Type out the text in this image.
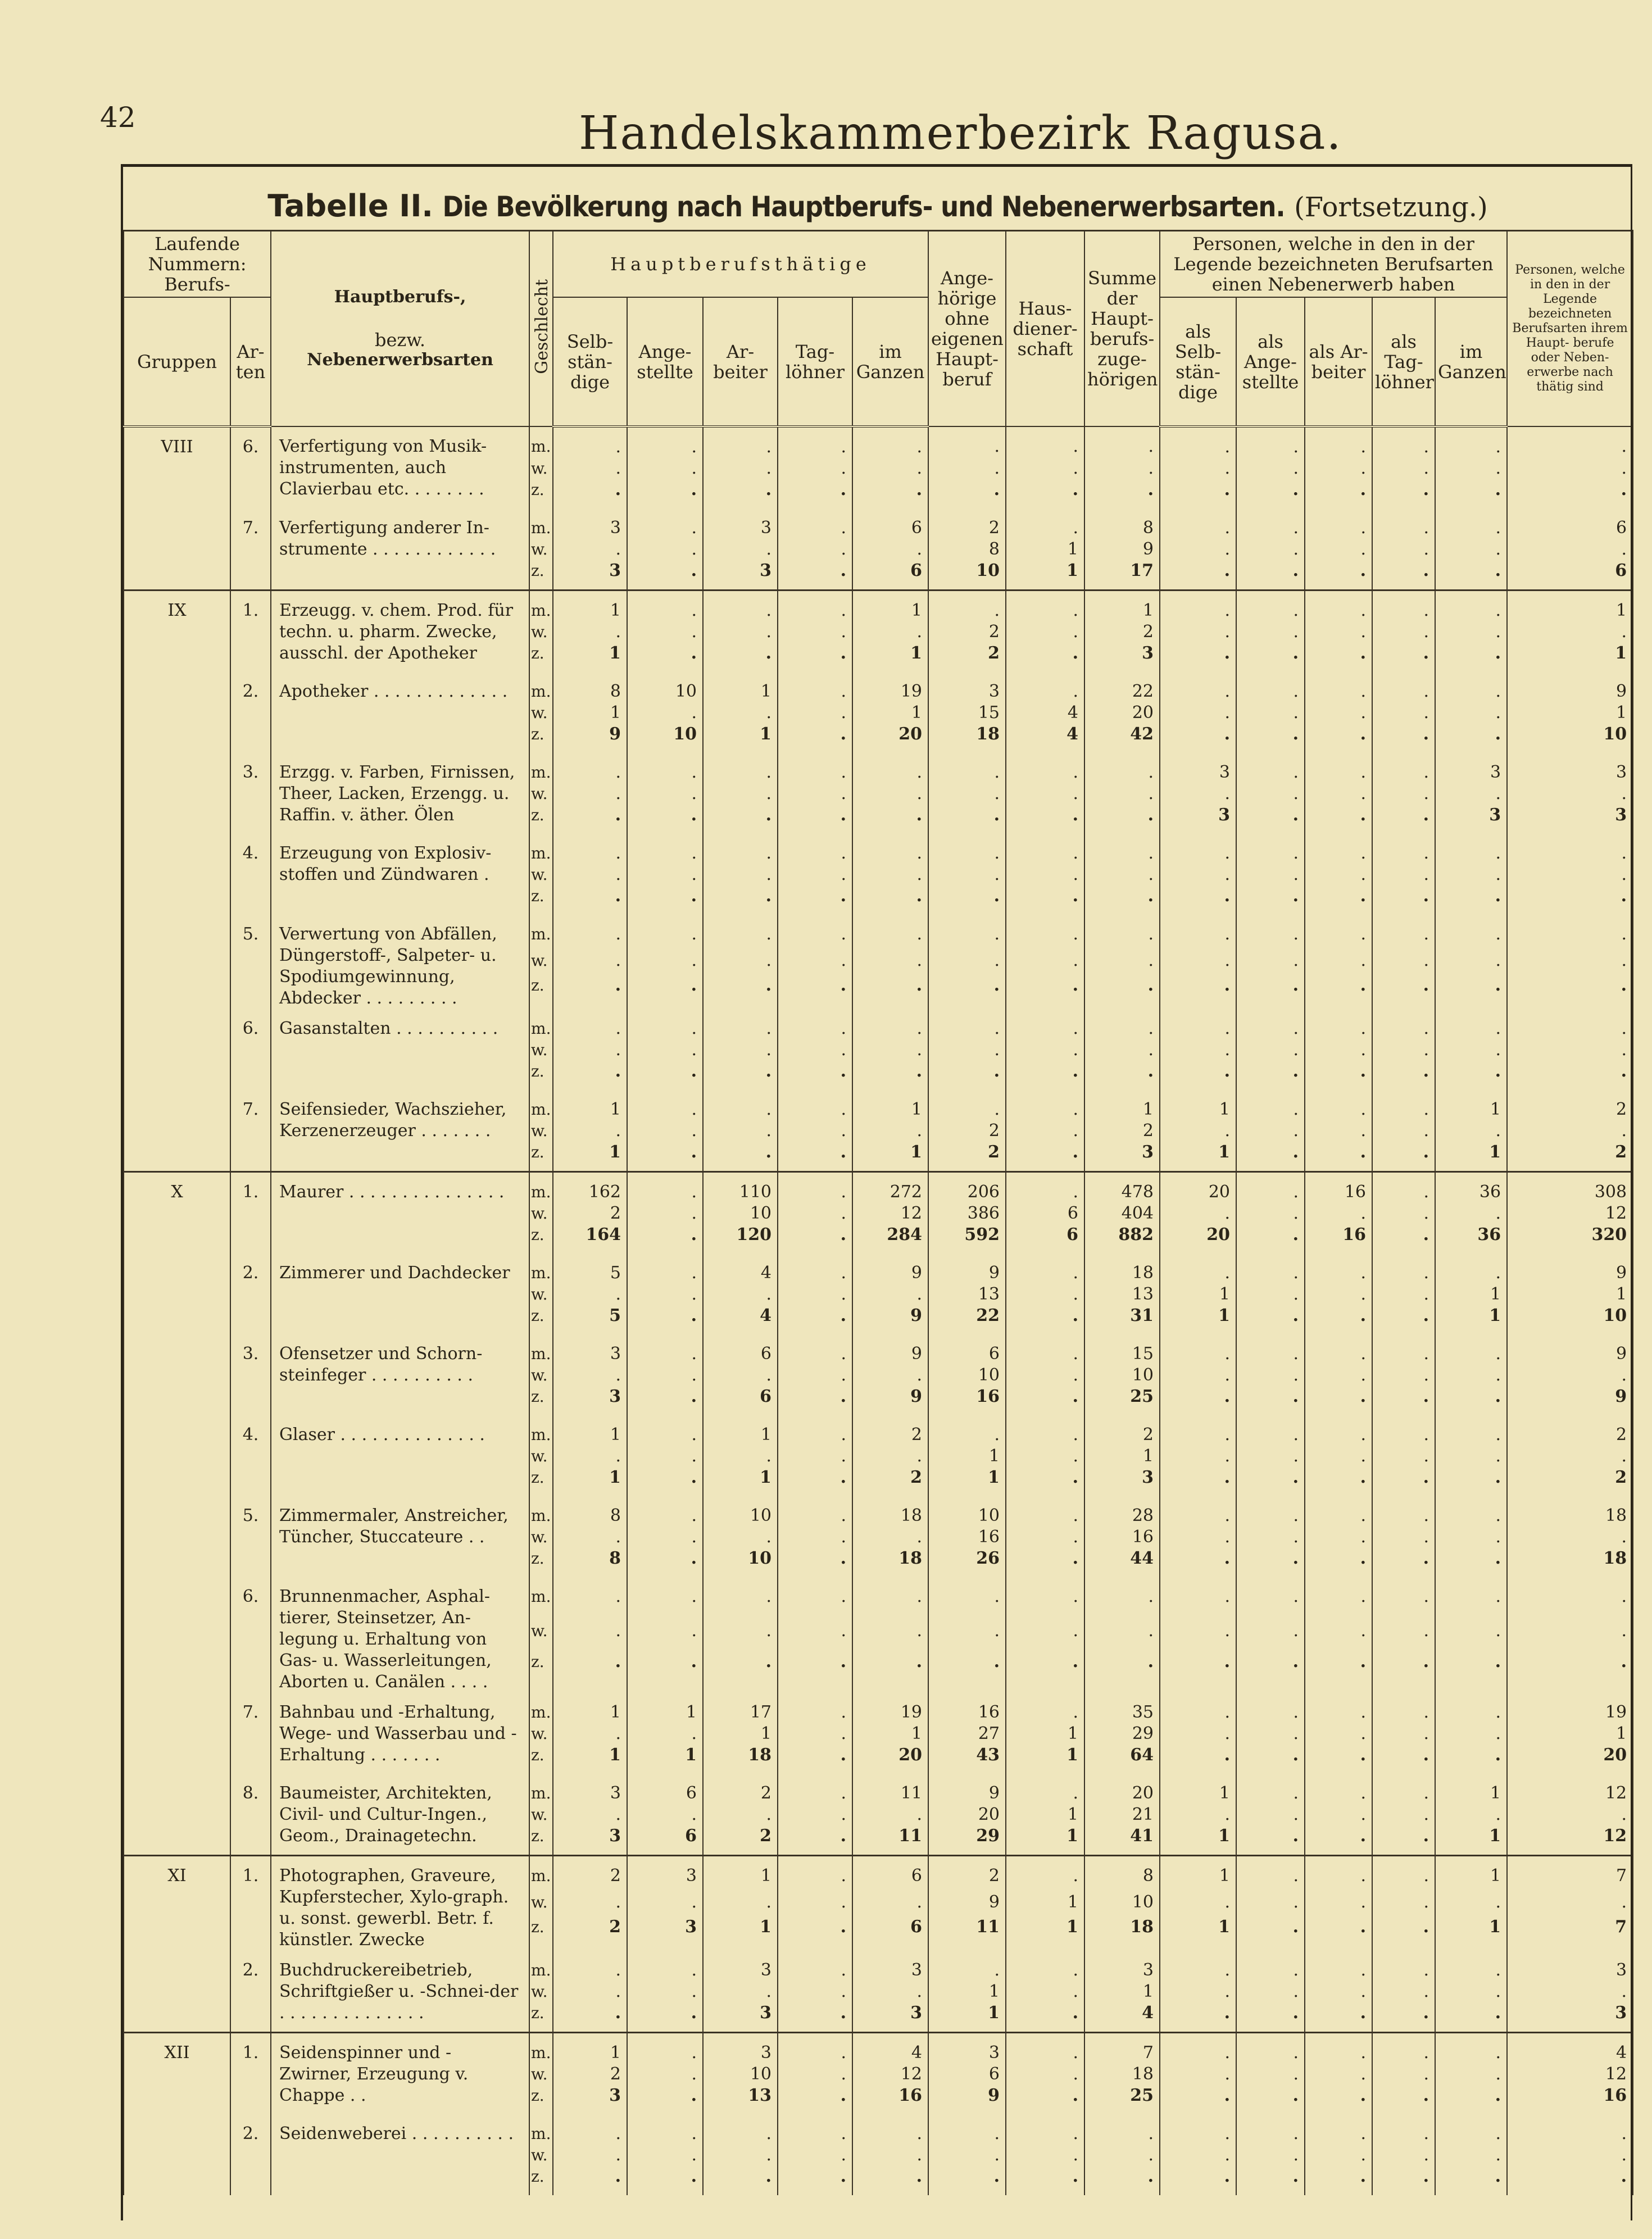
42	Handelskammerbezirk Ragusa.
Tabelle II. Die Bevölkerung nach Hauptberufs- und Nebenerwerbsarten. (Fortsetzung.)
Laufende Nummern: Berufs-		Hauptberufs-,
bezw.
Nebenerwerbsarten	Geschlecht	Hauptberufsthätige					Ange- hörige ohne eigenen Haupt- beruf	Haus- diener- schaft	Summe der Haupt- berufs- zuge- hörigen	Personen, welche in den in der Legende bezeichneten Berufsarten einen Nebenerwerb haben					Personen, welche in den in der Legende bezeichneten Berufsarten ihrem Haupt- berufe oder Neben- erwerbe nach thätig sind
Gruppen	Ar- ten			Selb- stän- dige	Ange- stellte	Ar- beiter	Tag- löhner	im Ganzen				als Selb- stän- dige	als Ange- stellte	als Ar- beiter	als Tag- löhner	im Ganzen	
VIII	6.	Verfertigung von Musik-instrumenten, auch Clavierbau etc. . . . . . . .	m.	.	.	.	.	.	.	.	.	.	.	.	.	.	.
			w.	.	.	.	.	.	.	.	.	.	.	.	.	.	.
			z.	.	.	.	.	.	.	.	.	.	.	.	.	.	.
	7.	Verfertigung anderer In-strumente . . . . . . . . . . . .	m.	3	.	3	.	6	2	.	8	.	.	.	.	.	6
			w.	.	.	.	.	.	8	1	9	.	.	.	.	.	.
			z.	3	.	3	.	6	10	1	17	.	.	.	.	.	6
IX	1.	Erzeugg. v. chem. Prod. für techn. u. pharm. Zwecke, ausschl. der Apotheker	m.	1	.	.	.	1	.	.	1	.	.	.	.	.	1
			w.	.	.	.	.	.	2	.	2	.	.	.	.	.	.
			z.	1	.	.	.	1	2	.	3	.	.	.	.	.	1
	2.	Apotheker . . . . . . . . . . . . .	m.	8	10	1	.	19	3	.	22	.	.	.	.	.	9
			w.	1	.	.	.	1	15	4	20	.	.	.	.	.	1
			z.	9	10	1	.	20	18	4	42	.	.	.	.	.	10
	3.	Erzgg. v. Farben, Firnissen, Theer, Lacken, Erzengg. u. Raffin. v. äther. Ölen	m.	.	.	.	.	.	.	.	.	3	.	.	.	3	3
			w.	.	.	.	.	.	.	.	.	.	.	.	.	.	.
			z.	.	.	.	.	.	.	.	.	3	.	.	.	3	3
	4.	Erzeugung von Explosiv-stoffen und Zündwaren .	m.	.	.	.	.	.	.	.	.	.	.	.	.	.	.
			w.	.	.	.	.	.	.	.	.	.	.	.	.	.	.
			z.	.	.	.	.	.	.	.	.	.	.	.	.	.	.
	5.	Verwertung von Abfällen, Düngerstoff-, Salpeter- u. Spodiumgewinnung, Abdecker . . . . . . . . .	m.	.	.	.	.	.	.	.	.	.	.	.	.	.	.
			w.	.	.	.	.	.	.	.	.	.	.	.	.	.	.
			z.	.	.	.	.	.	.	.	.	.	.	.	.	.	.
	6.	Gasanstalten . . . . . . . . . .	m.	.	.	.	.	.	.	.	.	.	.	.	.	.	.
			w.	.	.	.	.	.	.	.	.	.	.	.	.	.	.
			z.	.	.	.	.	.	.	.	.	.	.	.	.	.	.
	7.	Seifensieder, Wachszieher, Kerzenerzeuger . . . . . . .	m.	1	.	.	.	1	.	.	1	1	.	.	.	1	2
			w.	.	.	.	.	.	2	.	2	.	.	.	.	.	.
			z.	1	.	.	.	1	2	.	3	1	.	.	.	1	2
X	1.	Maurer . . . . . . . . . . . . . . .	m.	162	.	110	.	272	206	.	478	20	.	16	.	36	308
			w.	2	.	10	.	12	386	6	404	.	.	.	.	.	12
			z.	164	.	120	.	284	592	6	882	20	.	16	.	36	320
	2.	Zimmerer und Dachdecker	m.	5	.	4	.	9	9	.	18	.	.	.	.	.	9
			w.	.	.	.	.	.	13	.	13	1	.	.	.	1	1
			z.	5	.	4	.	9	22	.	31	1	.	.	.	1	10
	3.	Ofensetzer und Schorn-steinfeger . . . . . . . . . .	m.	3	.	6	.	9	6	.	15	.	.	.	.	.	9
			w.	.	.	.	.	.	10	.	10	.	.	.	.	.	.
			z.	3	.	6	.	9	16	.	25	.	.	.	.	.	9
	4.	Glaser . . . . . . . . . . . . . .	m.	1	.	1	.	2	.	.	2	.	.	.	.	.	2
			w.	.	.	.	.	.	1	.	1	.	.	.	.	.	.
			z.	1	.	1	.	2	1	.	3	.	.	.	.	.	2
	5.	Zimmermaler, Anstreicher, Tüncher, Stuccateure . .	m.	8	.	10	.	18	10	.	28	.	.	.	.	.	18
			w.	.	.	.	.	.	16	.	16	.	.	.	.	.	.
			z.	8	.	10	.	18	26	.	44	.	.	.	.	.	18
	6.	Brunnenmacher, Asphal-tierer, Steinsetzer, An-legung u. Erhaltung von Gas- u. Wasserleitungen, Aborten u. Canälen . . . .	m.	.	.	.	.	.	.	.	.	.	.	.	.	.	.
			w.	.	.	.	.	.	.	.	.	.	.	.	.	.	.
			z.	.	.	.	.	.	.	.	.	.	.	.	.	.	.
	7.	Bahnbau und -Erhaltung, Wege- und Wasserbau und -Erhaltung . . . . . . .	m.	1	1	17	.	19	16	.	35	.	.	.	.	.	19
			w.	.	.	1	.	1	27	1	29	.	.	.	.	.	1
			z.	1	1	18	.	20	43	1	64	.	.	.	.	.	20
	8.	Baumeister, Architekten, Civil- und Cultur-Ingen., Geom., Drainagetechn.	m.	3	6	2	.	11	9	.	20	1	.	.	.	1	12
			w.	.	.	.	.	.	20	1	21	.	.	.	.	.	.
			z.	3	6	2	.	11	29	1	41	1	.	.	.	1	12
XI	1.	Photographen, Graveure, Kupferstecher, Xylo-graph. u. sonst. gewerbl. Betr. f. künstler. Zwecke	m.	2	3	1	.	6	2	.	8	1	.	.	.	1	7
			w.	.	.	.	.	.	9	1	10	.	.	.	.	.	.
			z.	2	3	1	.	6	11	1	18	1	.	.	.	1	7
	2.	Buchdruckereibetrieb, Schriftgießer u. -Schnei-der . . . . . . . . . . . . . .	m.	.	.	3	.	3	.	.	3	.	.	.	.	.	3
			w.	.	.	.	.	.	1	.	1	.	.	.	.	.	.
			z.	.	.	3	.	3	1	.	4	.	.	.	.	.	3
XII	1.	Seidenspinner und -Zwirner, Erzeugung v. Chappe . .	m.	1	.	3	.	4	3	.	7	.	.	.	.	.	4
			w.	2	.	10	.	12	6	.	18	.	.	.	.	.	12
			z.	3	.	13	.	16	9	.	25	.	.	.	.	.	16
	2.	Seidenweberei . . . . . . . . . .	m.	.	.	.	.	.	.	.	.	.	.	.	.	.	.
			w.	.	.	.	.	.	.	.	.	.	.	.	.	.	.
			z.	.	.	.	.	.	.	.	.	.	.	.	.	.	.
